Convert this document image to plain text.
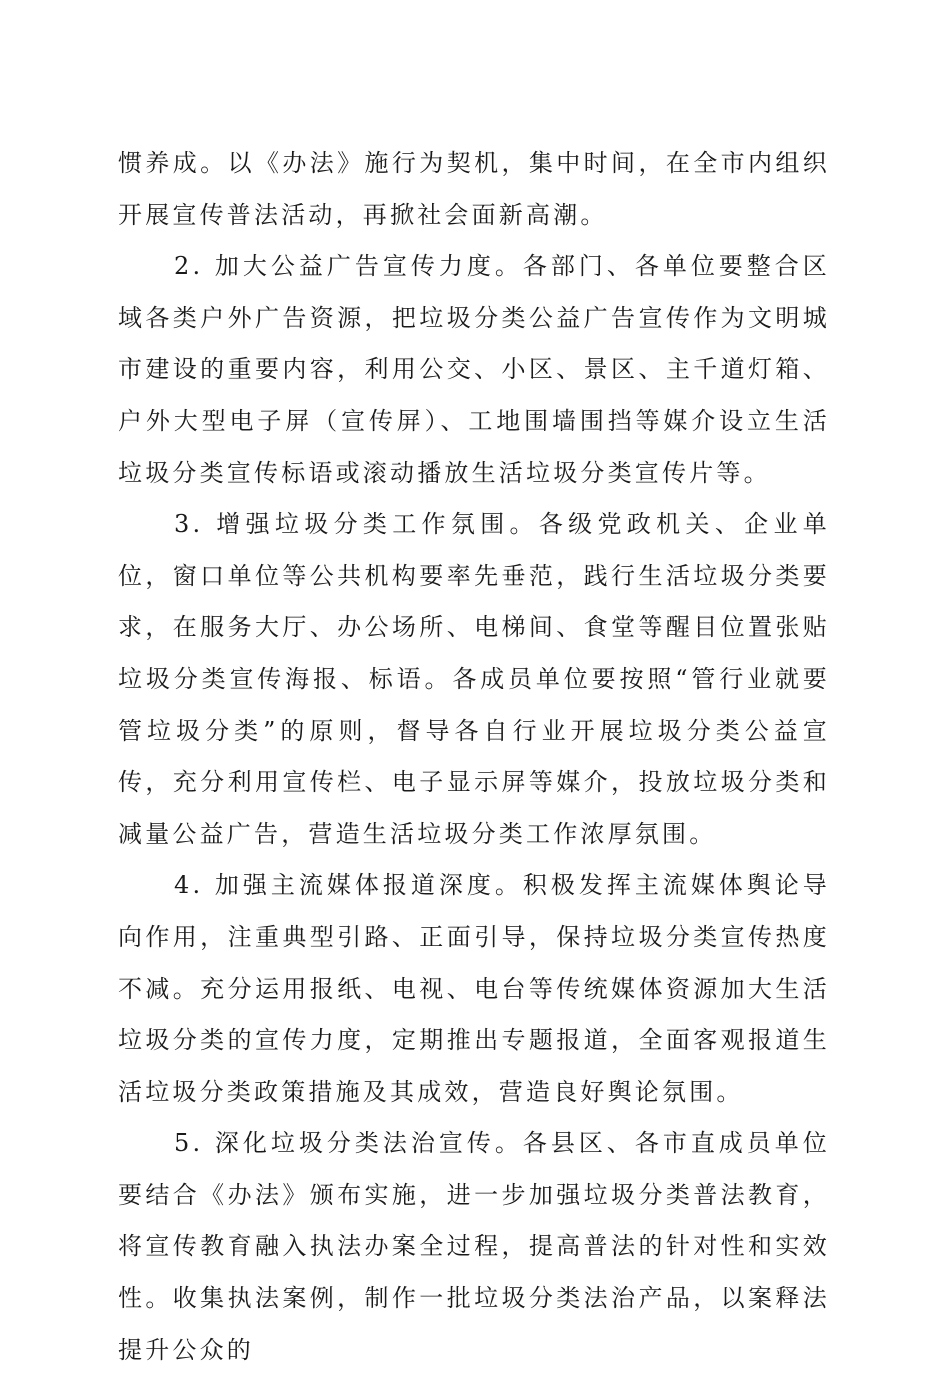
惯养成。以《办法》施行为契机，集中时间，在全市内组织开展宣传普法活动，再掀社会面新高潮。

2. 加大公益广告宣传力度。各部门、各单位要整合区域各类户外广告资源，把垃圾分类公益广告宣传作为文明城市建设的重要内容，利用公交、小区、景区、主千道灯箱、户外大型电子屏（宣传屏）、工地围墙围挡等媒介设立生活垃圾分类宣传标语或滚动播放生活垃圾分类宣传片等。

3. 增强垃圾分类工作氛围。各级党政机关、企业单位，窗口单位等公共机构要率先垂范，践行生活垃圾分类要求，在服务大厅、办公场所、电梯间、食堂等醒目位置张贴垃圾分类宣传海报、标语。各成员单位要按照“管行业就要管垃圾分类”的原则，督导各自行业开展垃圾分类公益宣传，充分利用宣传栏、电子显示屏等媒介，投放垃圾分类和减量公益广告，营造生活垃圾分类工作浓厚氛围。

4. 加强主流媒体报道深度。积极发挥主流媒体舆论导向作用，注重典型引路、正面引导，保持垃圾分类宣传热度不减。充分运用报纸、电视、电台等传统媒体资源加大生活垃圾分类的宣传力度，定期推出专题报道，全面客观报道生活垃圾分类政策措施及其成效，营造良好舆论氛围。

5. 深化垃圾分类法治宣传。各县区、各市直成员单位要结合《办法》颁布实施，进一步加强垃圾分类普法教育，将宣传教育融入执法办案全过程，提高普法的针对性和实效性。收集执法案例，制作一批垃圾分类法治产品，以案释法提升公众的
